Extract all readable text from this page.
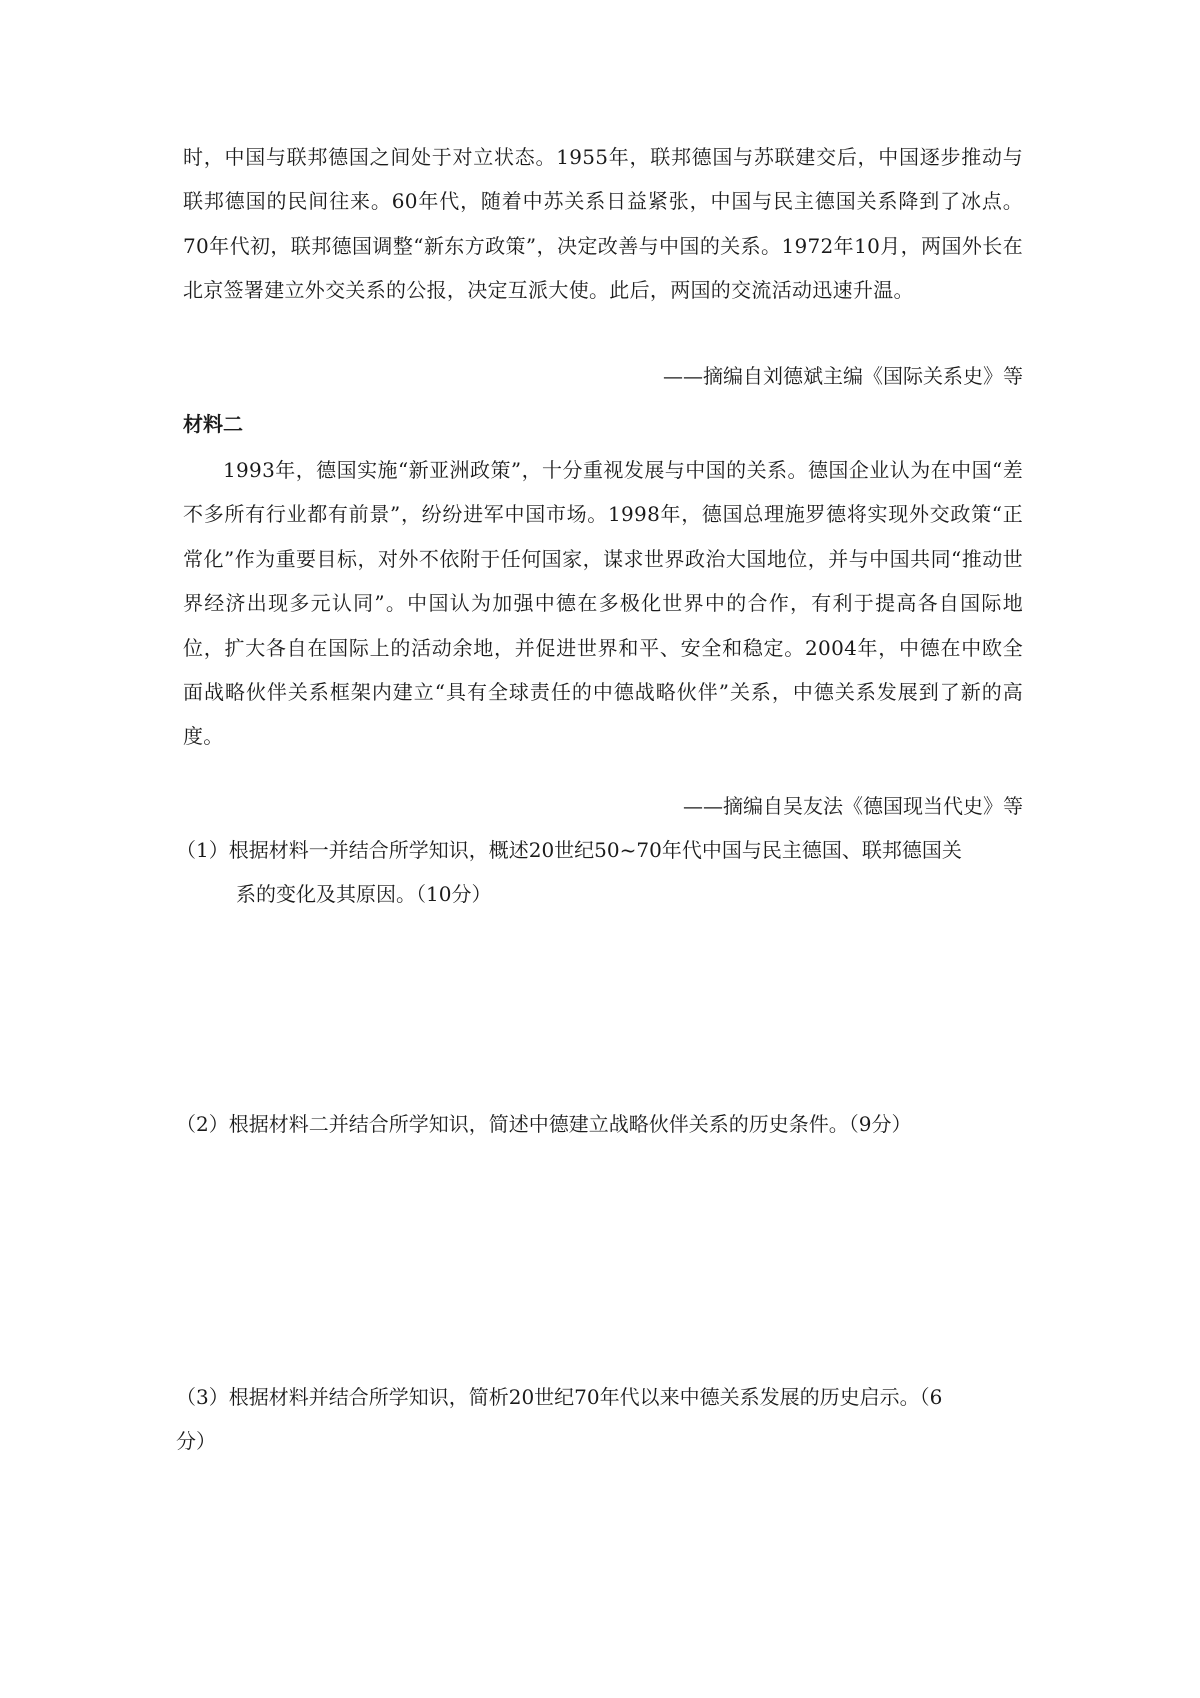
时，中国与联邦德国之间处于对立状态。1955年，联邦德国与苏联建交后，中国逐步推动与联邦德国的民间往来。60年代，随着中苏关系日益紧张，中国与民主德国关系降到了冰点。70年代初，联邦德国调整“新东方政策”，决定改善与中国的关系。1972年10月，两国外长在北京签署建立外交关系的公报，决定互派大使。此后，两国的交流活动迅速升温。
——摘编自刘德斌主编《国际关系史》等
材料二
1993年，德国实施“新亚洲政策”，十分重视发展与中国的关系。德国企业认为在中国“差不多所有行业都有前景”，纷纷进军中国市场。1998年，德国总理施罗德将实现外交政策“正常化”作为重要目标，对外不依附于任何国家，谋求世界政治大国地位，并与中国共同“推动世界经济出现多元认同”。中国认为加强中德在多极化世界中的合作，有利于提高各自国际地位，扩大各自在国际上的活动余地，并促进世界和平、安全和稳定。2004年，中德在中欧全面战略伙伴关系框架内建立“具有全球责任的中德战略伙伴”关系，中德关系发展到了新的高度。
——摘编自吴友法《德国现当代史》等
（1）根据材料一并结合所学知识，概述20世纪50~70年代中国与民主德国、联邦德国关
系的变化及其原因。（10分）
（2）根据材料二并结合所学知识，简述中德建立战略伙伴关系的历史条件。（9分）
（3）根据材料并结合所学知识，简析20世纪70年代以来中德关系发展的历史启示。（6
分）
